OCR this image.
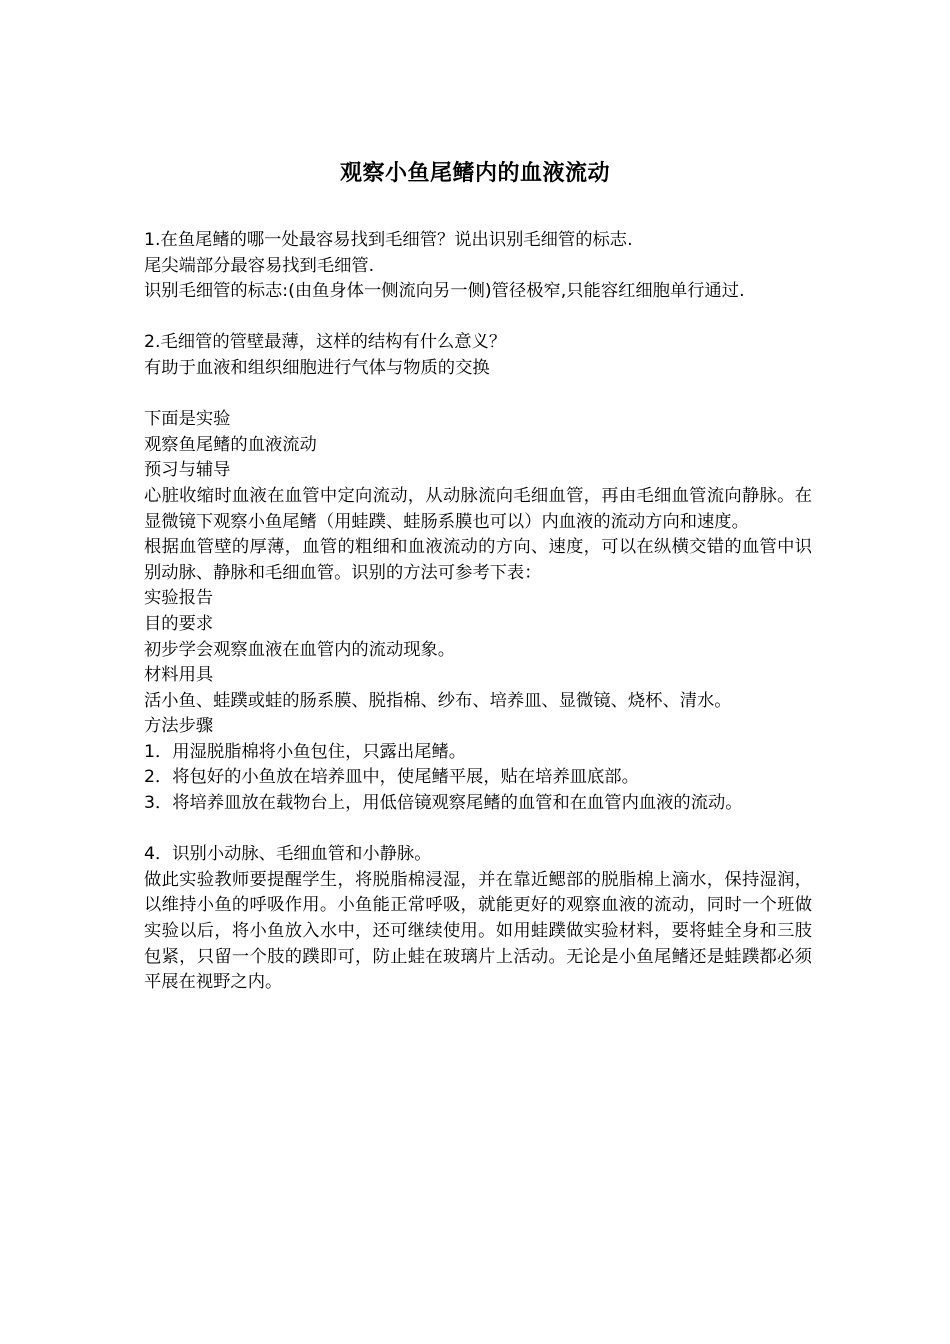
观察小鱼尾鳍内的血液流动
1.在鱼尾鳍的哪一处最容易找到毛细管？说出识别毛细管的标志.
尾尖端部分最容易找到毛细管.
识别毛细管的标志:(由鱼身体一侧流向另一侧)管径极窄,只能容红细胞单行通过.
2.毛细管的管壁最薄，这样的结构有什么意义？
有助于血液和组织细胞进行气体与物质的交换
下面是实验
观察鱼尾鳍的血液流动
预习与辅导
心脏收缩时血液在血管中定向流动，从动脉流向毛细血管，再由毛细血管流向静脉。在显微镜下观察小鱼尾鳍（用蛙蹼、蛙肠系膜也可以）内血液的流动方向和速度。
根据血管壁的厚薄，血管的粗细和血液流动的方向、速度，可以在纵横交错的血管中识别动脉、静脉和毛细血管。识别的方法可参考下表：
实验报告
目的要求
初步学会观察血液在血管内的流动现象。
材料用具
活小鱼、蛙蹼或蛙的肠系膜、脱指棉、纱布、培养皿、显微镜、烧杯、清水。
方法步骤
1．用湿脱脂棉将小鱼包住，只露出尾鳍。
2．将包好的小鱼放在培养皿中，使尾鳍平展，贴在培养皿底部。
3．将培养皿放在载物台上，用低倍镜观察尾鳍的血管和在血管内血液的流动。
4．识别小动脉、毛细血管和小静脉。
做此实验教师要提醒学生，将脱脂棉浸湿，并在靠近鳃部的脱脂棉上滴水，保持湿润，以维持小鱼的呼吸作用。小鱼能正常呼吸，就能更好的观察血液的流动，同时一个班做实验以后，将小鱼放入水中，还可继续使用。如用蛙蹼做实验材料，要将蛙全身和三肢包紧，只留一个肢的蹼即可，防止蛙在玻璃片上活动。无论是小鱼尾鳍还是蛙蹼都必须平展在视野之内。
